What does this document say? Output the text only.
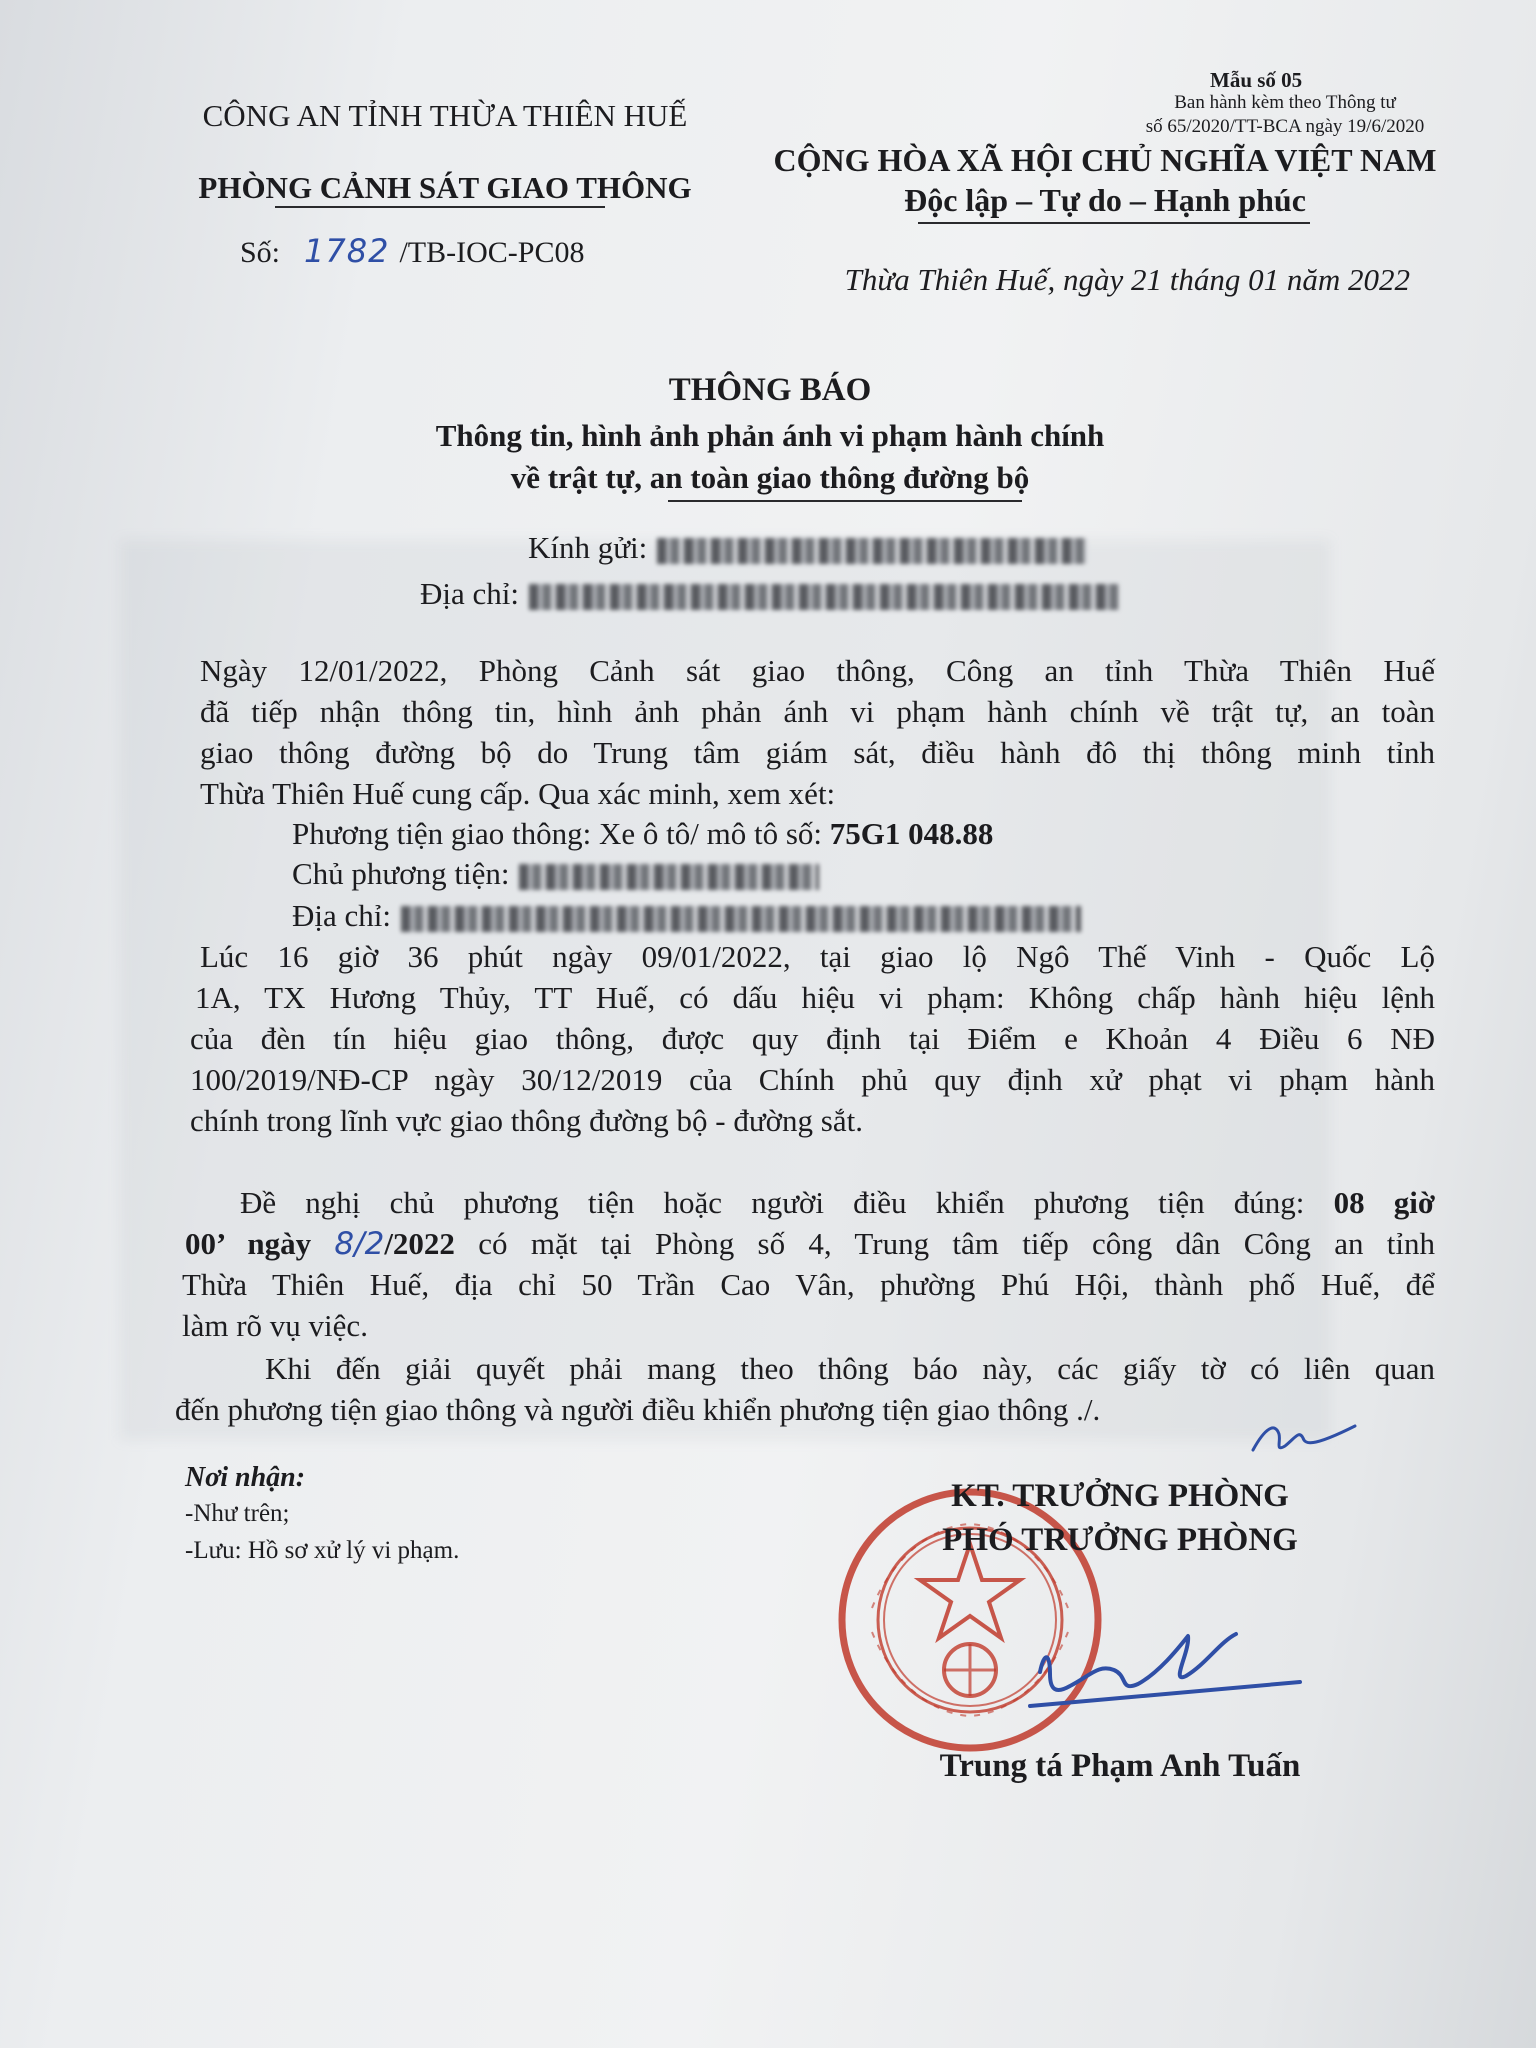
CÔNG AN TỈNH THỪA THIÊN HUẾ
PHÒNG CẢNH SÁT GIAO THÔNG
Số: 1782 /TB-IOC-PC08
Mẫu số 05
Ban hành kèm theo Thông tư
số 65/2020/TT-BCA ngày 19/6/2020
CỘNG HÒA XÃ HỘI CHỦ NGHĨA VIỆT NAM
Độc lập – Tự do – Hạnh phúc
Thừa Thiên Huế, ngày 21 tháng 01 năm 2022
THÔNG BÁO
Thông tin, hình ảnh phản ánh vi phạm hành chính
về trật tự, an toàn giao thông đường bộ
Kính gửi:
Địa chỉ:
Ngày 12/01/2022, Phòng Cảnh sát giao thông, Công an tỉnh Thừa Thiên Huế
đã tiếp nhận thông tin, hình ảnh phản ánh vi phạm hành chính về trật tự, an toàn
giao thông đường bộ do Trung tâm giám sát, điều hành đô thị thông minh tỉnh
Thừa Thiên Huế cung cấp. Qua xác minh, xem xét:
Phương tiện giao thông: Xe ô tô/ mô tô số: 75G1 048.88
Chủ phương tiện:
Địa chỉ:
Lúc 16 giờ 36 phút ngày 09/01/2022, tại giao lộ Ngô Thế Vinh - Quốc Lộ
1A, TX Hương Thủy, TT Huế, có dấu hiệu vi phạm: Không chấp hành hiệu lệnh
của đèn tín hiệu giao thông, được quy định tại Điểm e Khoản 4 Điều 6 NĐ
100/2019/NĐ-CP ngày 30/12/2019 của Chính phủ quy định xử phạt vi phạm hành
chính trong lĩnh vực giao thông đường bộ - đường sắt.
Đề nghị chủ phương tiện hoặc người điều khiển phương tiện đúng: 08 giờ
00’ ngày 8/2/2022 có mặt tại Phòng số 4, Trung tâm tiếp công dân Công an tỉnh
Thừa Thiên Huế, địa chỉ 50 Trần Cao Vân, phường Phú Hội, thành phố Huế, để
làm rõ vụ việc.
Khi đến giải quyết phải mang theo thông báo này, các giấy tờ có liên quan
đến phương tiện giao thông và người điều khiển phương tiện giao thông ./.
Nơi nhận:
-Như trên;
-Lưu: Hồ sơ xử lý vi phạm.
KT. TRƯỞNG PHÒNG
PHÓ TRƯỞNG PHÒNG
Trung tá Phạm Anh Tuấn
